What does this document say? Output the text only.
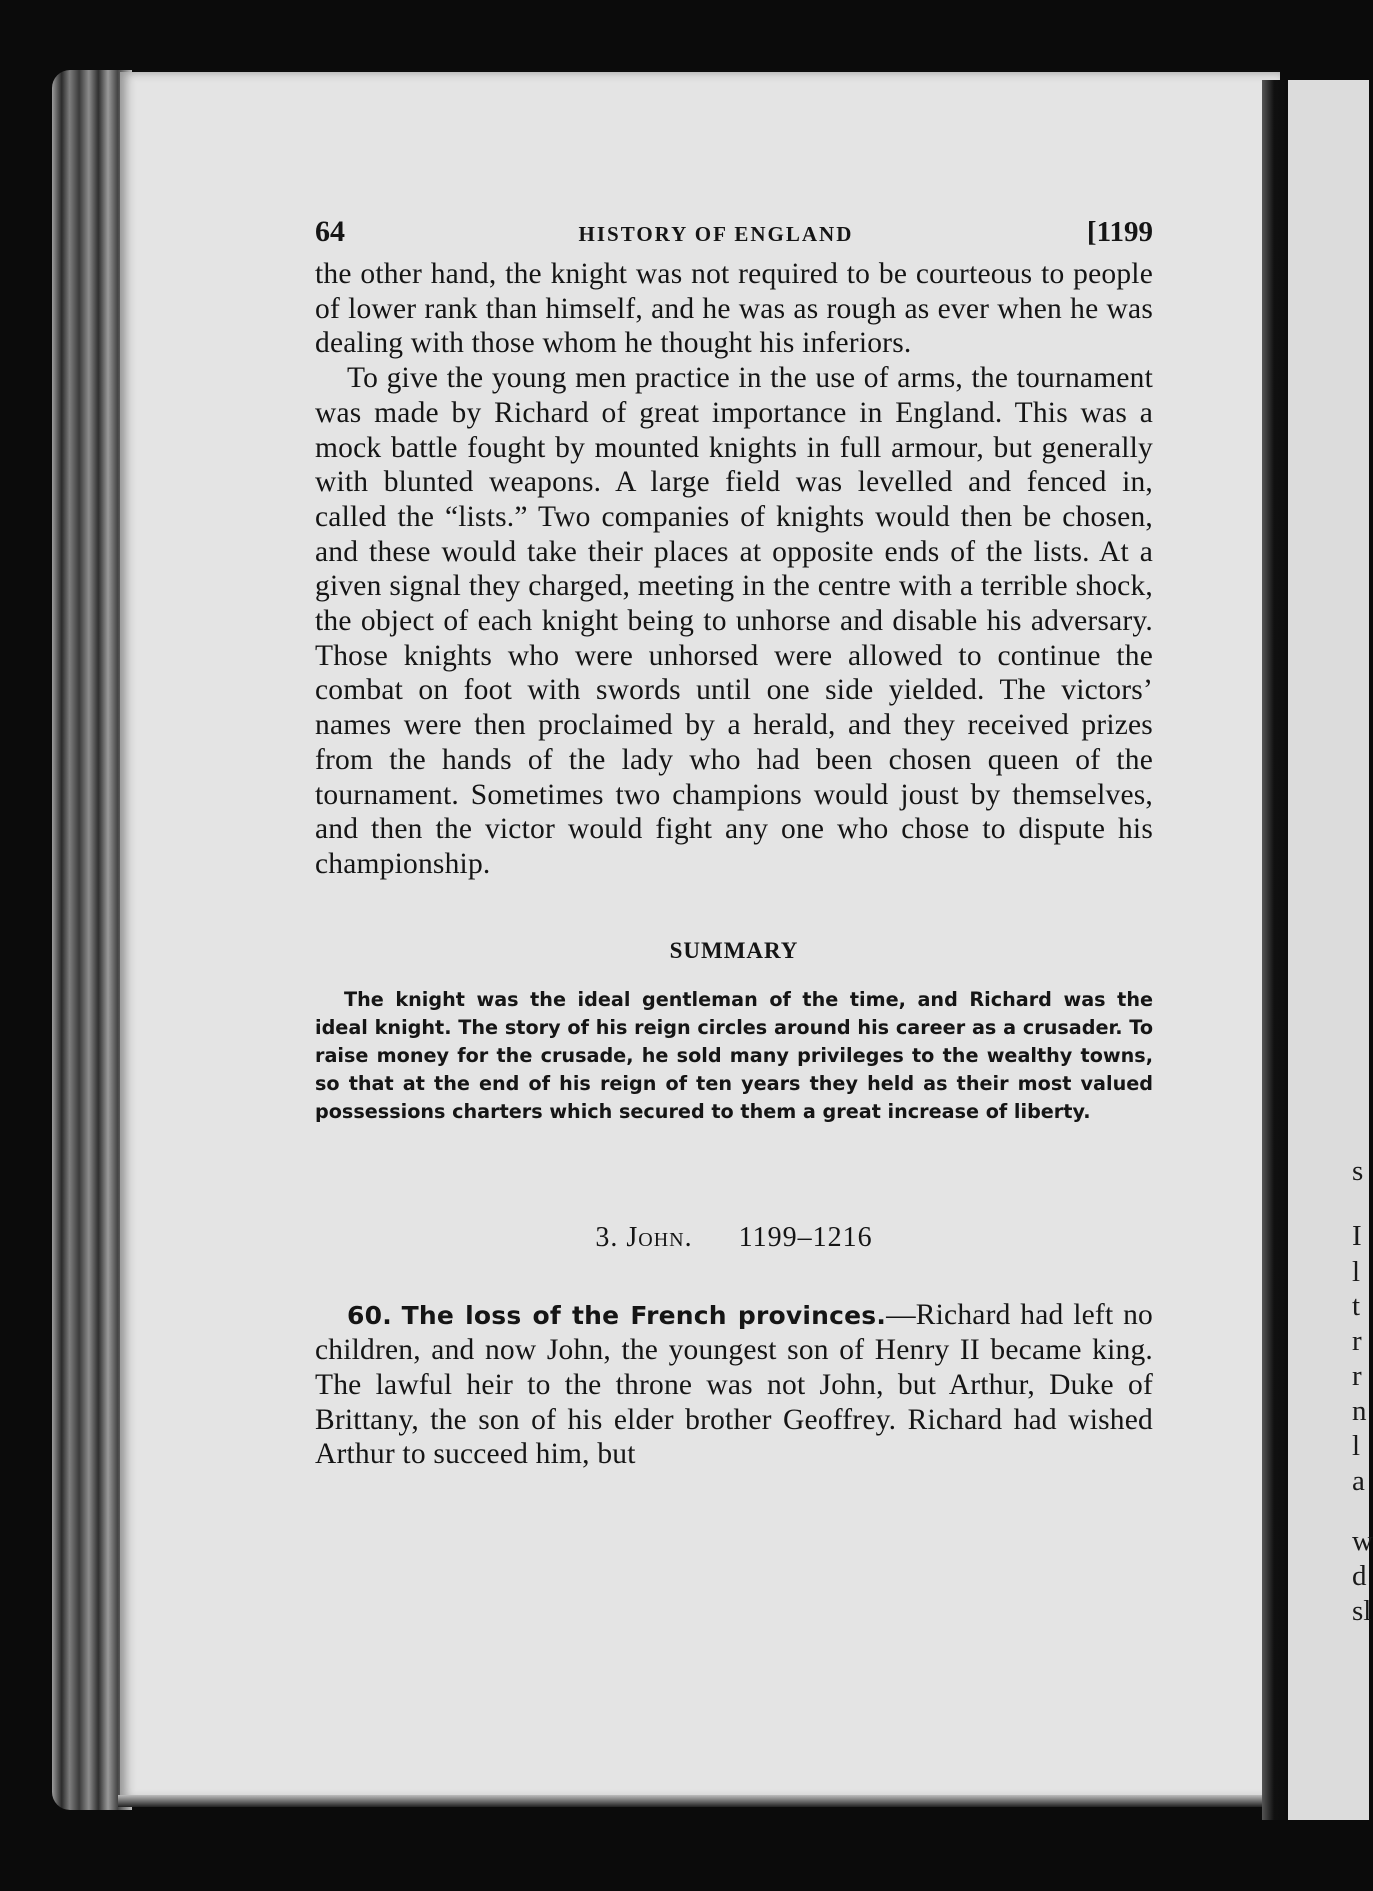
s
I
l
t
r
r
n
l
a
w
d
sl
64	HISTORY OF ENGLAND	[1199

the other hand, the knight was not required to be courteous to people of lower rank than himself, and he was as rough as ever when he was dealing with those whom he thought his inferiors.

To give the young men practice in the use of arms, the tournament was made by Richard of great importance in England. This was a mock battle fought by mounted knights in full armour, but generally with blunted weapons. A large field was levelled and fenced in, called the “lists.” Two companies of knights would then be chosen, and these would take their places at opposite ends of the lists. At a given signal they charged, meeting in the centre with a terrible shock, the object of each knight being to unhorse and disable his adversary. Those knights who were unhorsed were allowed to continue the combat on foot with swords until one side yielded. The victors’ names were then proclaimed by a herald, and they received prizes from the hands of the lady who had been chosen queen of the tournament. Sometimes two champions would joust by themselves, and then the victor would fight any one who chose to dispute his championship.

SUMMARY

The knight was the ideal gentleman of the time, and Richard was the ideal knight. The story of his reign circles around his career as a crusader. To raise money for the crusade, he sold many privileges to the wealthy towns, so that at the end of his reign of ten years they held as their most valued possessions charters which secured to them a great increase of liberty.

3. John. 1199–1216

60. The loss of the French provinces.—Richard had left no children, and now John, the youngest son of Henry II became king. The lawful heir to the throne was not John, but Arthur, Duke of Brittany, the son of his elder brother Geoffrey. Richard had wished Arthur to succeed him, but
